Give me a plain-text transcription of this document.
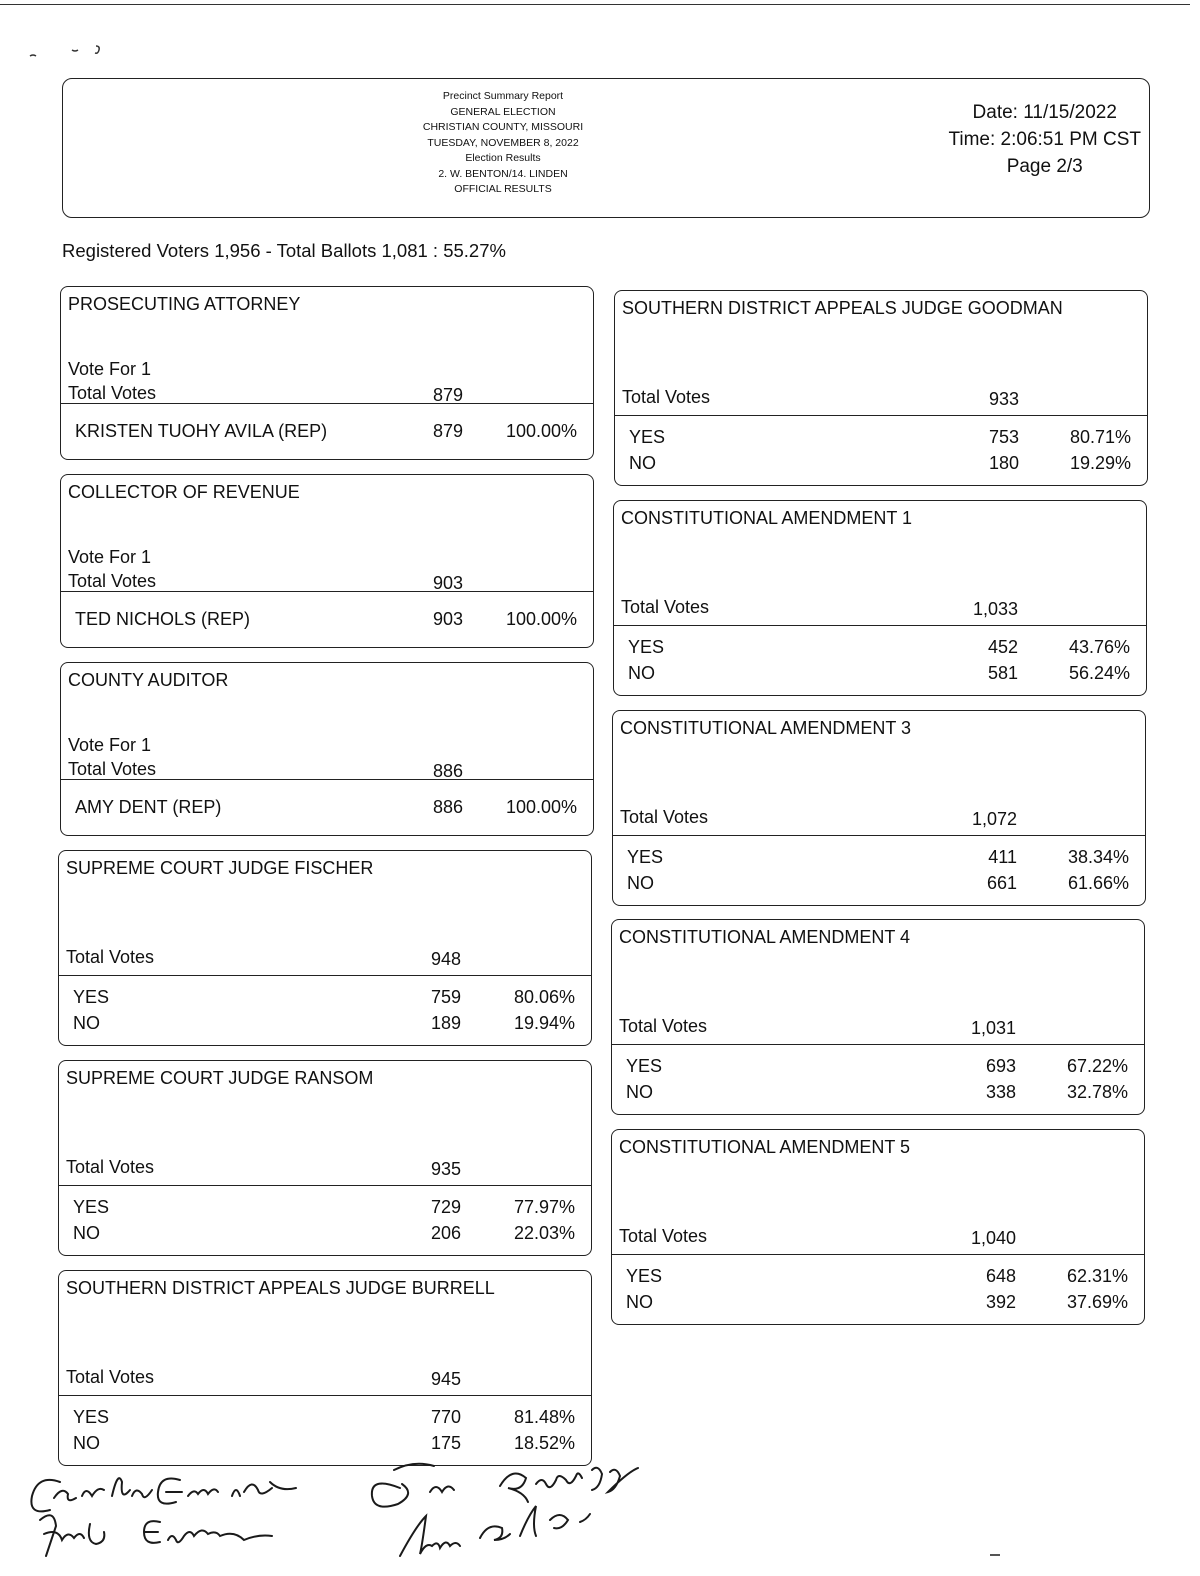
Precinct Summary Report
GENERAL ELECTION
CHRISTIAN COUNTY, MISSOURI
TUESDAY, NOVEMBER 8, 2022
Election Results
2. W. BENTON/14. LINDEN
OFFICIAL RESULTS
Date: 11/15/2022
Time: 2:06:51 PM CST
Page 2/3
Registered Voters 1,956 - Total Ballots 1,081 : 55.27%
PROSECUTING ATTORNEY
Vote For 1
Total Votes	879
KRISTEN TUOHY AVILA (REP)	879 100.00%
COLLECTOR OF REVENUE
Vote For 1
Total Votes	903
TED NICHOLS (REP)	903 100.00%
COUNTY AUDITOR
Vote For 1
Total Votes	886
AMY DENT (REP)	886 100.00%
SUPREME COURT JUDGE FISCHER
Total Votes	948
YES	759	80.06%
NO	189	19.94%
SUPREME COURT JUDGE RANSOM
Total Votes	935
YES	729	77.97%
NO	206	22.03%
SOUTHERN DISTRICT APPEALS JUDGE BURRELL
Total Votes	945
YES	770	81.48%
NO	175	18.52%
SOUTHERN DISTRICT APPEALS JUDGE GOODMAN
Total Votes	933
YES	753	80.71%
NO	180	19.29%
CONSTITUTIONAL AMENDMENT 1
Total Votes	1,033
YES	452	43.76%
NO	581	56.24%
CONSTITUTIONAL AMENDMENT 3
Total Votes	1,072
YES	411	38.34%
NO	661	61.66%
CONSTITUTIONAL AMENDMENT 4
Total Votes	1,031
YES	693	67.22%
NO	338	32.78%
CONSTITUTIONAL AMENDMENT 5
Total Votes	1,040
YES	648	62.31%
NO	392	37.69%
